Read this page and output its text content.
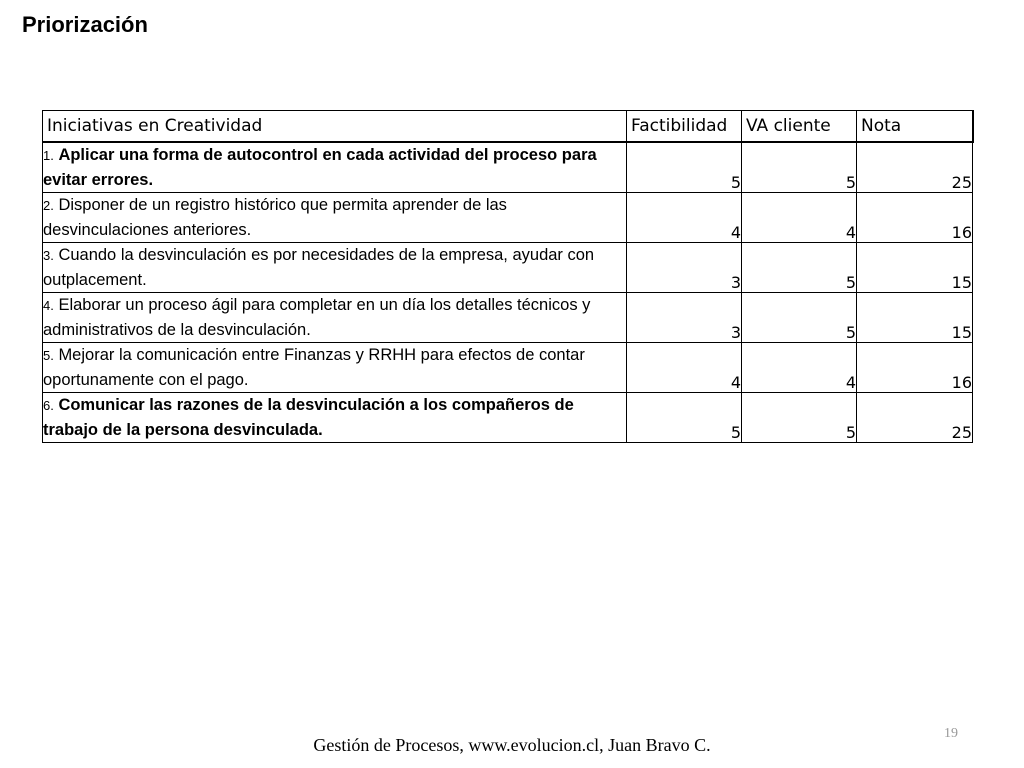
Priorización
Iniciativas en Creatividad	Factibilidad	VA cliente	Nota
1. Aplicar una forma de autocontrol en cada actividad del proceso para evitar errores.	5	5	25
2. Disponer de un registro histórico que permita aprender de las desvinculaciones anteriores.	4	4	16
3. Cuando la desvinculación es por necesidades de la empresa, ayudar con outplacement.	3	5	15
4. Elaborar un proceso ágil para completar en un día los detalles técnicos y administrativos de la desvinculación.	3	5	15
5. Mejorar la comunicación entre Finanzas y RRHH para efectos de contar oportunamente con el pago.	4	4	16
6. Comunicar las razones de la desvinculación a los compañeros de trabajo de la persona desvinculada.	5	5	25
19
Gestión de Procesos, www.evolucion.cl, Juan Bravo C.
